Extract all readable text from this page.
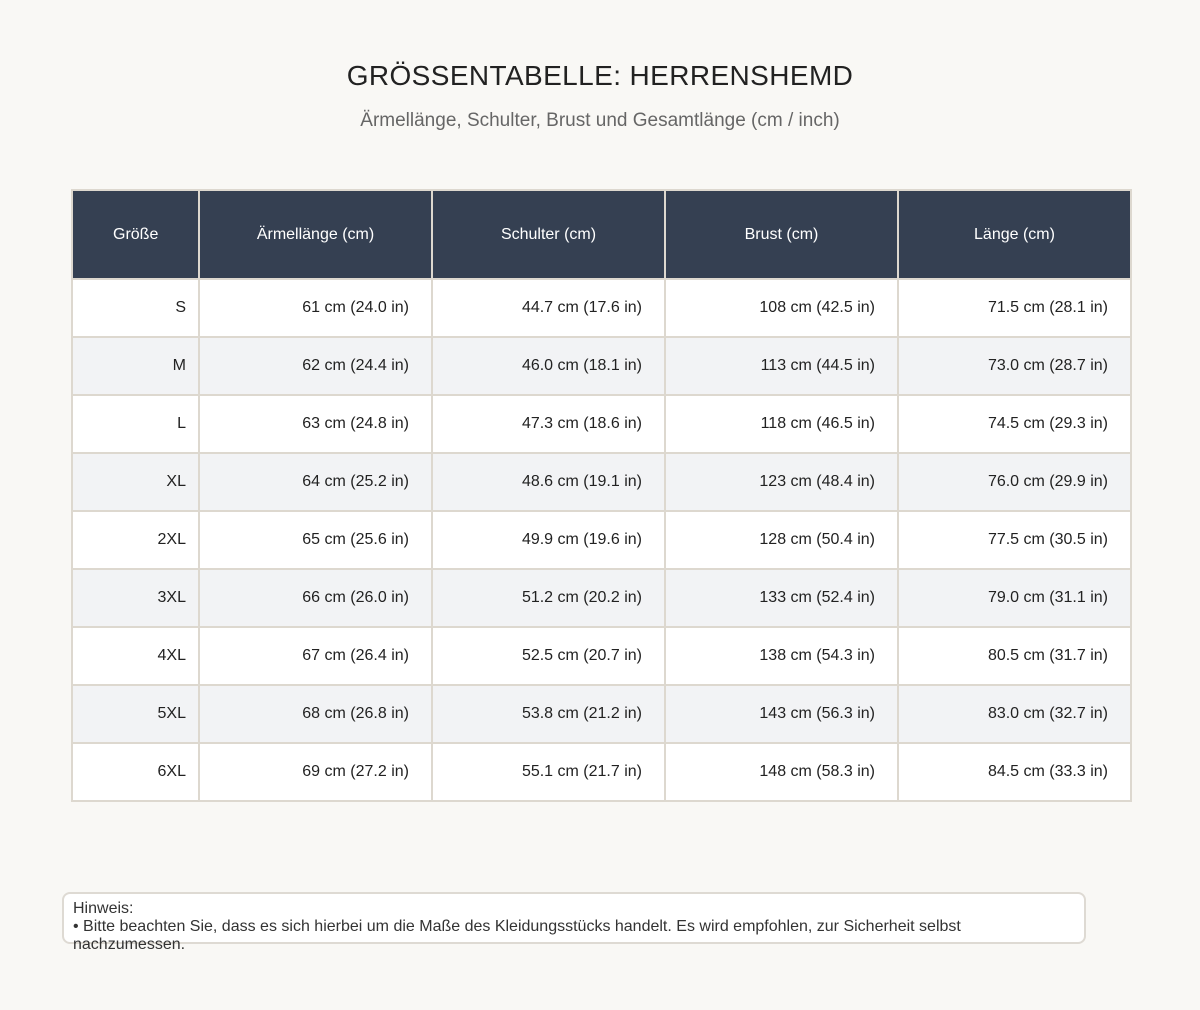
GRÖSSENTABELLE: HERRENSHEMD
Ärmellänge, Schulter, Brust und Gesamtlänge (cm / inch)
Größe	Ärmellänge (cm)	Schulter (cm)	Brust (cm)	Länge (cm)
S	61 cm (24.0 in)	44.7 cm (17.6 in)	108 cm (42.5 in)	71.5 cm (28.1 in)
M	62 cm (24.4 in)	46.0 cm (18.1 in)	113 cm (44.5 in)	73.0 cm (28.7 in)
L	63 cm (24.8 in)	47.3 cm (18.6 in)	118 cm (46.5 in)	74.5 cm (29.3 in)
XL	64 cm (25.2 in)	48.6 cm (19.1 in)	123 cm (48.4 in)	76.0 cm (29.9 in)
2XL	65 cm (25.6 in)	49.9 cm (19.6 in)	128 cm (50.4 in)	77.5 cm (30.5 in)
3XL	66 cm (26.0 in)	51.2 cm (20.2 in)	133 cm (52.4 in)	79.0 cm (31.1 in)
4XL	67 cm (26.4 in)	52.5 cm (20.7 in)	138 cm (54.3 in)	80.5 cm (31.7 in)
5XL	68 cm (26.8 in)	53.8 cm (21.2 in)	143 cm (56.3 in)	83.0 cm (32.7 in)
6XL	69 cm (27.2 in)	55.1 cm (21.7 in)	148 cm (58.3 in)	84.5 cm (33.3 in)
Hinweis:
• Bitte beachten Sie, dass es sich hierbei um die Maße des Kleidungsstücks handelt. Es wird empfohlen, zur Sicherheit selbst nachzumessen.
